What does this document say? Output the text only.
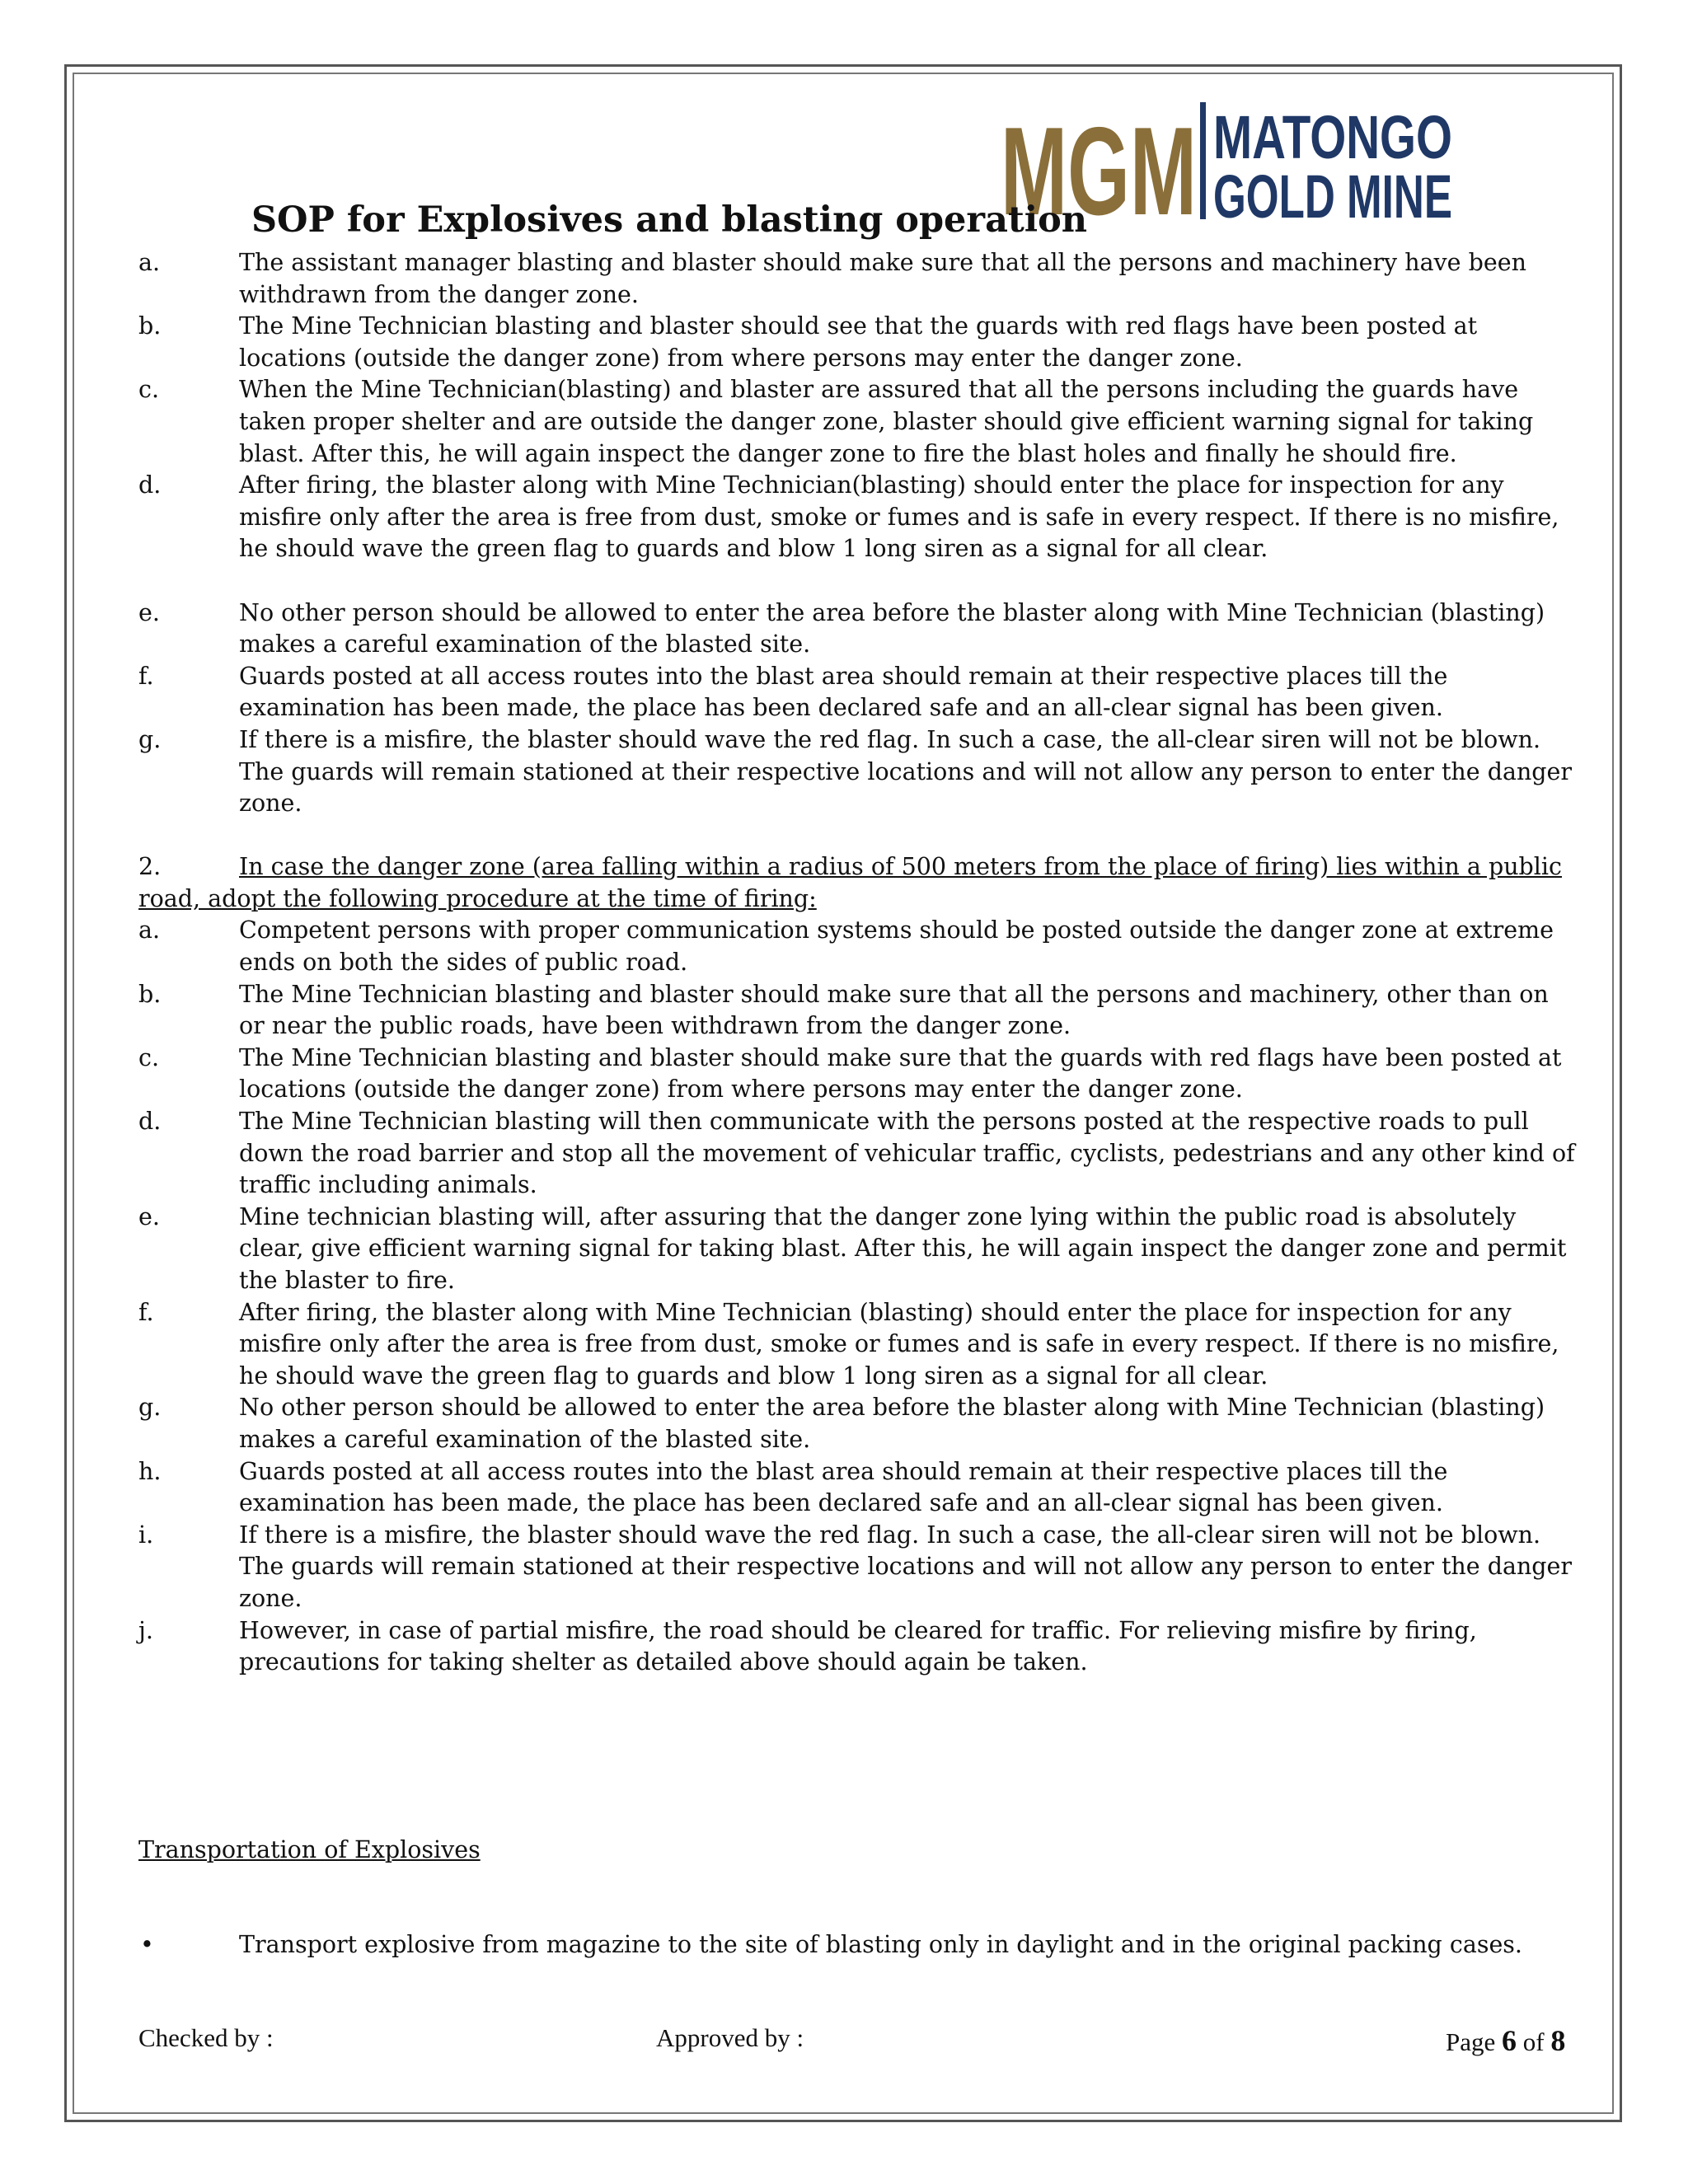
MGM MATONGO
GOLD MINE
SOP for Explosives and blasting operation
a.	The assistant manager blasting and blaster should make sure that all the persons and machinery have been withdrawn from the danger zone.
b.	The Mine Technician blasting and blaster should see that the guards with red flags have been posted at locations (outside the danger zone) from where persons may enter the danger zone.
c.	When the Mine Technician(blasting) and blaster are assured that all the persons including the guards have taken proper shelter and are outside the danger zone, blaster should give efficient warning signal for taking blast. After this, he will again inspect the danger zone to fire the blast holes and finally he should fire.
d.	After firing, the blaster along with Mine Technician(blasting) should enter the place for inspection for any misfire only after the area is free from dust, smoke or fumes and is safe in every respect. If there is no misfire, he should wave the green flag to guards and blow 1 long siren as a signal for all clear.
e.	No other person should be allowed to enter the area before the blaster along with Mine Technician (blasting) makes a careful examination of the blasted site.
f.	Guards posted at all access routes into the blast area should remain at their respective places till the examination has been made, the place has been declared safe and an all-clear signal has been given.
g.	If there is a misfire, the blaster should wave the red flag. In such a case, the all-clear siren will not be blown. The guards will remain stationed at their respective locations and will not allow any person to enter the danger zone.
2.	In case the danger zone (area falling within a radius of 500 meters from the place of firing) lies within a public road, adopt the following procedure at the time of firing:
a.	Competent persons with proper communication systems should be posted outside the danger zone at extreme ends on both the sides of public road.
b.	The Mine Technician blasting and blaster should make sure that all the persons and machinery, other than on or near the public roads, have been withdrawn from the danger zone.
c.	The Mine Technician blasting and blaster should make sure that the guards with red flags have been posted at locations (outside the danger zone) from where persons may enter the danger zone.
d.	The Mine Technician blasting will then communicate with the persons posted at the respective roads to pull down the road barrier and stop all the movement of vehicular traffic, cyclists, pedestrians and any other kind of traffic including animals.
e.	Mine technician blasting will, after assuring that the danger zone lying within the public road is absolutely clear, give efficient warning signal for taking blast. After this, he will again inspect the danger zone and permit the blaster to fire.
f.	After firing, the blaster along with Mine Technician (blasting) should enter the place for inspection for any misfire only after the area is free from dust, smoke or fumes and is safe in every respect. If there is no misfire, he should wave the green flag to guards and blow 1 long siren as a signal for all clear.
g.	No other person should be allowed to enter the area before the blaster along with Mine Technician (blasting) makes a careful examination of the blasted site.
h.	Guards posted at all access routes into the blast area should remain at their respective places till the examination has been made, the place has been declared safe and an all-clear signal has been given.
i.	If there is a misfire, the blaster should wave the red flag. In such a case, the all-clear siren will not be blown. The guards will remain stationed at their respective locations and will not allow any person to enter the danger zone.
j.	However, in case of partial misfire, the road should be cleared for traffic. For relieving misfire by firing, precautions for taking shelter as detailed above should again be taken.
Transportation of Explosives
•	Transport explosive from magazine to the site of blasting only in daylight and in the original packing cases.
Checked by :	Approved by :	Page 6 of 8
